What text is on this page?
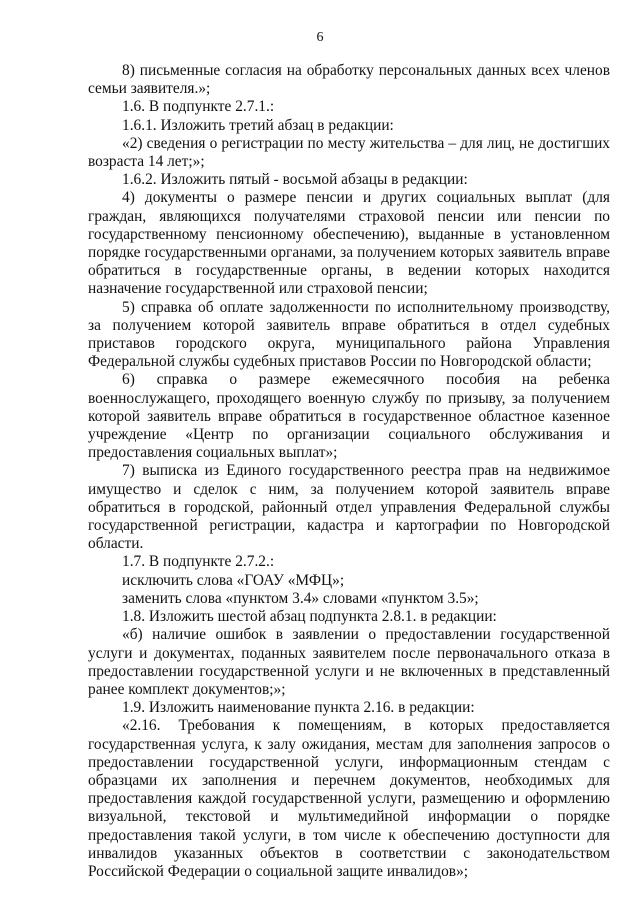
6

8) письменные согласия на обработку персональных данных всех членов семьи заявителя.»;

1.6. В подпункте 2.7.1.:

1.6.1. Изложить третий абзац в редакции:

«2) сведения о регистрации по месту жительства – для лиц, не достигших возраста 14 лет;»;

1.6.2. Изложить пятый - восьмой абзацы в редакции:

4) документы о размере пенсии и других социальных выплат (для граждан, являющихся получателями страховой пенсии или пенсии по государственному пенсионному обеспечению), выданные в установленном порядке государственными органами, за получением которых заявитель вправе обратиться в государственные органы, в ведении которых находится назначение государственной или страховой пенсии;

5) справка об оплате задолженности по исполнительному производству, за получением которой заявитель вправе обратиться в отдел судебных приставов городского округа, муниципального района Управления Федеральной службы судебных приставов России по Новгородской области;

6) справка о размере ежемесячного пособия на ребенка военнослужащего, проходящего военную службу по призыву, за получением которой заявитель вправе обратиться в государственное областное казенное учреждение «Центр по организации социального обслуживания и предоставления социальных выплат»;

7) выписка из Единого государственного реестра прав на недвижимое имущество и сделок с ним, за получением которой заявитель вправе обратиться в городской, районный отдел управления Федеральной службы государственной регистрации, кадастра и картографии по Новгородской области.

1.7. В подпункте 2.7.2.:

исключить слова «ГОАУ «МФЦ»;

заменить слова «пунктом 3.4» словами «пунктом 3.5»;

1.8. Изложить шестой абзац подпункта 2.8.1. в редакции:

«б) наличие ошибок в заявлении о предоставлении государственной услуги и документах, поданных заявителем после первоначального отказа в предоставлении государственной услуги и не включенных в представленный ранее комплект документов;»;

1.9. Изложить наименование пункта 2.16. в редакции:

«2.16. Требования к помещениям, в которых предоставляется государственная услуга, к залу ожидания, местам для заполнения запросов о предоставлении государственной услуги, информационным стендам с образцами их заполнения и перечнем документов, необходимых для предоставления каждой государственной услуги, размещению и оформлению визуальной, текстовой и мультимедийной информации о порядке предоставления такой услуги, в том числе к обеспечению доступности для инвалидов указанных объектов в соответствии с законодательством Российской Федерации о социальной защите инвалидов»;
